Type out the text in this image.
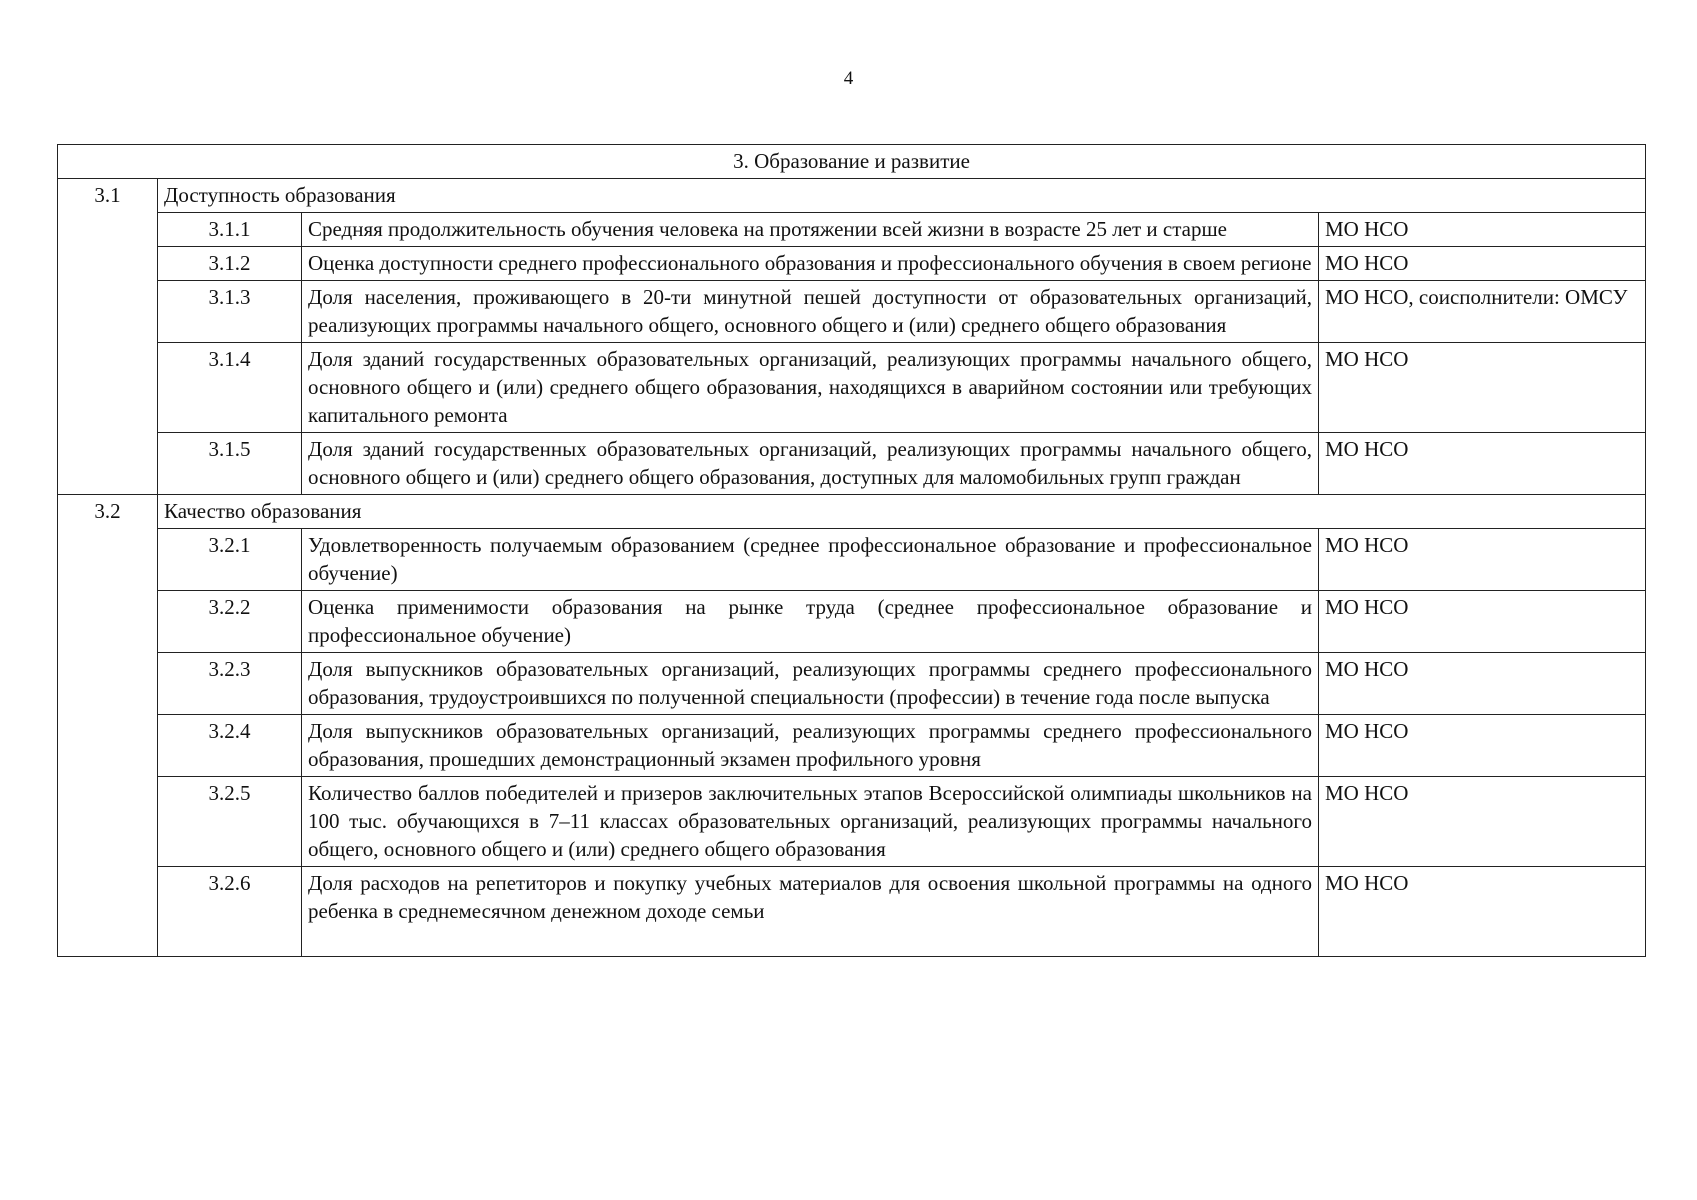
4
3. Образование и развитие			
3.1	Доступность образования		
	3.1.1	Средняя продолжительность обучения человека на протяжении всей жизни в возрасте 25 лет и старше	МО НСО
	3.1.2	Оценка доступности среднего профессионального образования и профессионального обучения в своем регионе	МО НСО
	3.1.3	Доля населения, проживающего в 20-ти минутной пешей доступности от образовательных организаций, реализующих программы начального общего, основного общего и (или) среднего общего образования	МО НСО, соисполнители: ОМСУ
	3.1.4	Доля зданий государственных образовательных организаций, реализующих программы начального общего, основного общего и (или) среднего общего образования, находящихся в аварийном состоянии или требующих капитального ремонта	МО НСО
	3.1.5	Доля зданий государственных образовательных организаций, реализующих программы начального общего, основного общего и (или) среднего общего образования, доступных для маломобильных групп граждан	МО НСО
3.2	Качество образования		
	3.2.1	Удовлетворенность получаемым образованием (среднее профессиональное образование и профессиональное обучение)	МО НСО
	3.2.2	Оценка применимости образования на рынке труда (среднее профессиональное образование и профессиональное обучение)	МО НСО
	3.2.3	Доля выпускников образовательных организаций, реализующих программы среднего профессионального образования, трудоустроившихся по полученной специальности (профессии) в течение года после выпуска	МО НСО
	3.2.4	Доля выпускников образовательных организаций, реализующих программы среднего профессионального образования, прошедших демонстрационный экзамен профильного уровня	МО НСО
	3.2.5	Количество баллов победителей и призеров заключительных этапов Всероссийской олимпиады школьников на 100 тыс. обучающихся в 7–11 классах образовательных организаций, реализующих программы начального общего, основного общего и (или) среднего общего образования	МО НСО
	3.2.6	Доля расходов на репетиторов и покупку учебных материалов для освоения школьной программы на одного ребенка в среднемесячном денежном доходе семьи	МО НСО
